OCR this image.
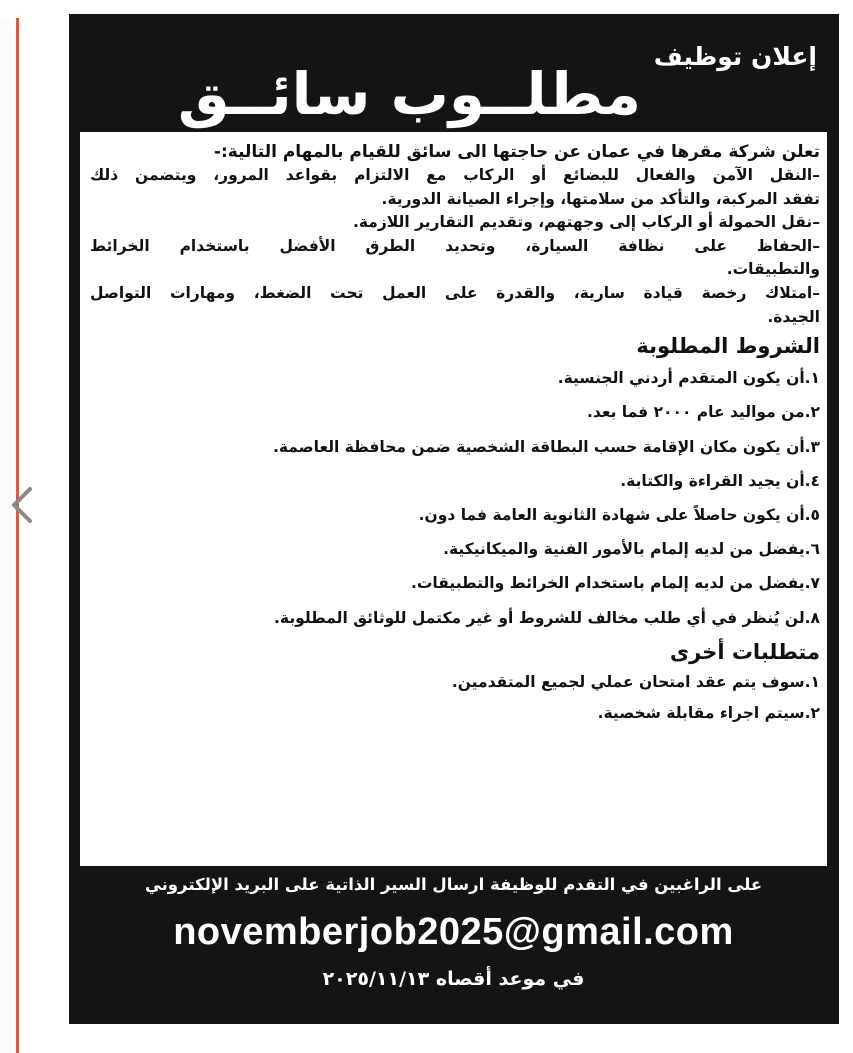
إعلان توظيف
مطلــوب سائــق

تعلن شركة مقرها في عمان عن حاجتها الى سائق للقيام بالمهام التالية:-

–النقل الآمن والفعال للبضائع أو الركاب مع الالتزام بقواعد المرور، ويتضمن ذلك

تفقد المركبة، والتأكد من سلامتها، وإجراء الصيانة الدورية.

–نقل الحمولة أو الركاب إلى وجهتهم، وتقديم التقارير اللازمة.

–الحفاظ على نظافة السيارة، وتحديد الطرق الأفضل باستخدام الخرائط

والتطبيقات.

–امتلاك رخصة قيادة سارية، والقدرة على العمل تحت الضغط، ومهارات التواصل

الجيدة.

الشروط المطلوبة

١.أن يكون المتقدم أردني الجنسية.

٢.من مواليد عام ٢٠٠٠ فما بعد.

٣.أن يكون مكان الإقامة حسب البطاقة الشخصية ضمن محافظة العاصمة.

٤.أن يجيد القراءة والكتابة.

٥.أن يكون حاصلاً على شهادة الثانوية العامة فما دون.

٦.يفضل من لديه إلمام بالأمور الفنية والميكانيكية.

٧.يفضل من لديه إلمام باستخدام الخرائط والتطبيقات.

٨.لن يُنظر في أي طلب مخالف للشروط أو غير مكتمل للوثائق المطلوبة.

متطلبات أخرى

١.سوف يتم عقد امتحان عملي لجميع المتقدمين.

٢.سيتم اجراء مقابلة شخصية.

على الراغبين في التقدم للوظيفة ارسال السير الذاتية على البريد الإلكتروني
novemberjob2025@gmail.com
في موعد أقصاه ٢٠٢٥/١١/١٣
